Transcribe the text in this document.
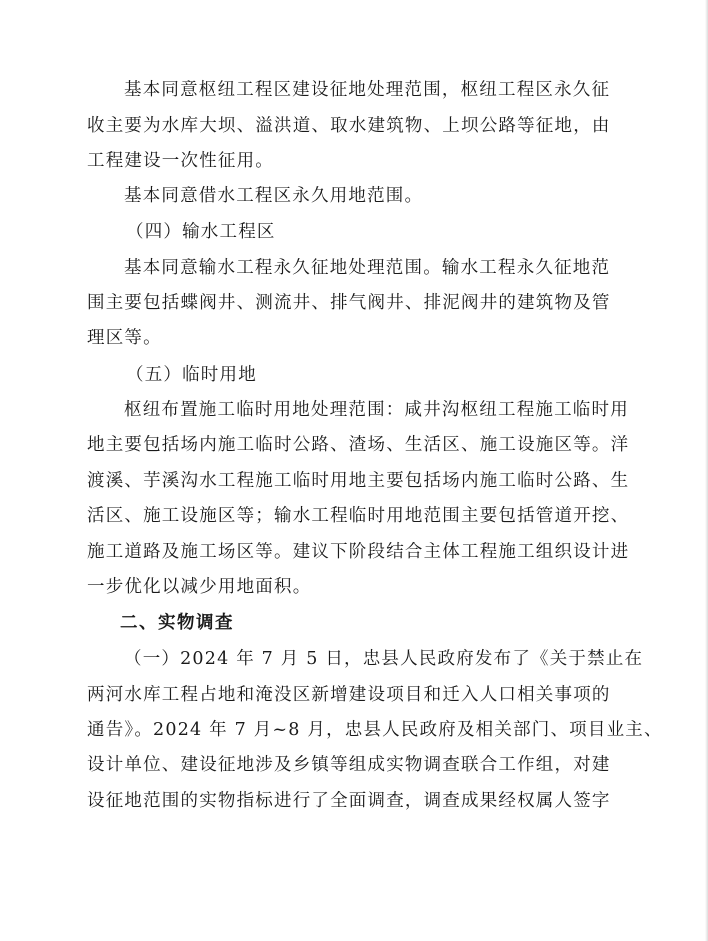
基本同意枢纽工程区建设征地处理范围，枢纽工程区永久征
收主要为水库大坝、溢洪道、取水建筑物、上坝公路等征地，由
工程建设一次性征用。
基本同意借水工程区永久用地范围。
（四）输水工程区
基本同意输水工程永久征地处理范围。输水工程永久征地范
围主要包括蝶阀井、测流井、排气阀井、排泥阀井的建筑物及管
理区等。
（五）临时用地
枢纽布置施工临时用地处理范围：咸井沟枢纽工程施工临时用
地主要包括场内施工临时公路、渣场、生活区、施工设施区等。洋
渡溪、芋溪沟水工程施工临时用地主要包括场内施工临时公路、生
活区、施工设施区等；输水工程临时用地范围主要包括管道开挖、
施工道路及施工场区等。建议下阶段结合主体工程施工组织设计进
一步优化以减少用地面积。
二、实物调查
（一）2024 年 7 月 5 日，忠县人民政府发布了《关于禁止在
两河水库工程占地和淹没区新增建设项目和迁入人口相关事项的
通告》。2024 年 7 月~8 月，忠县人民政府及相关部门、项目业主、
设计单位、建设征地涉及乡镇等组成实物调查联合工作组，对建
设征地范围的实物指标进行了全面调查，调查成果经权属人签字
